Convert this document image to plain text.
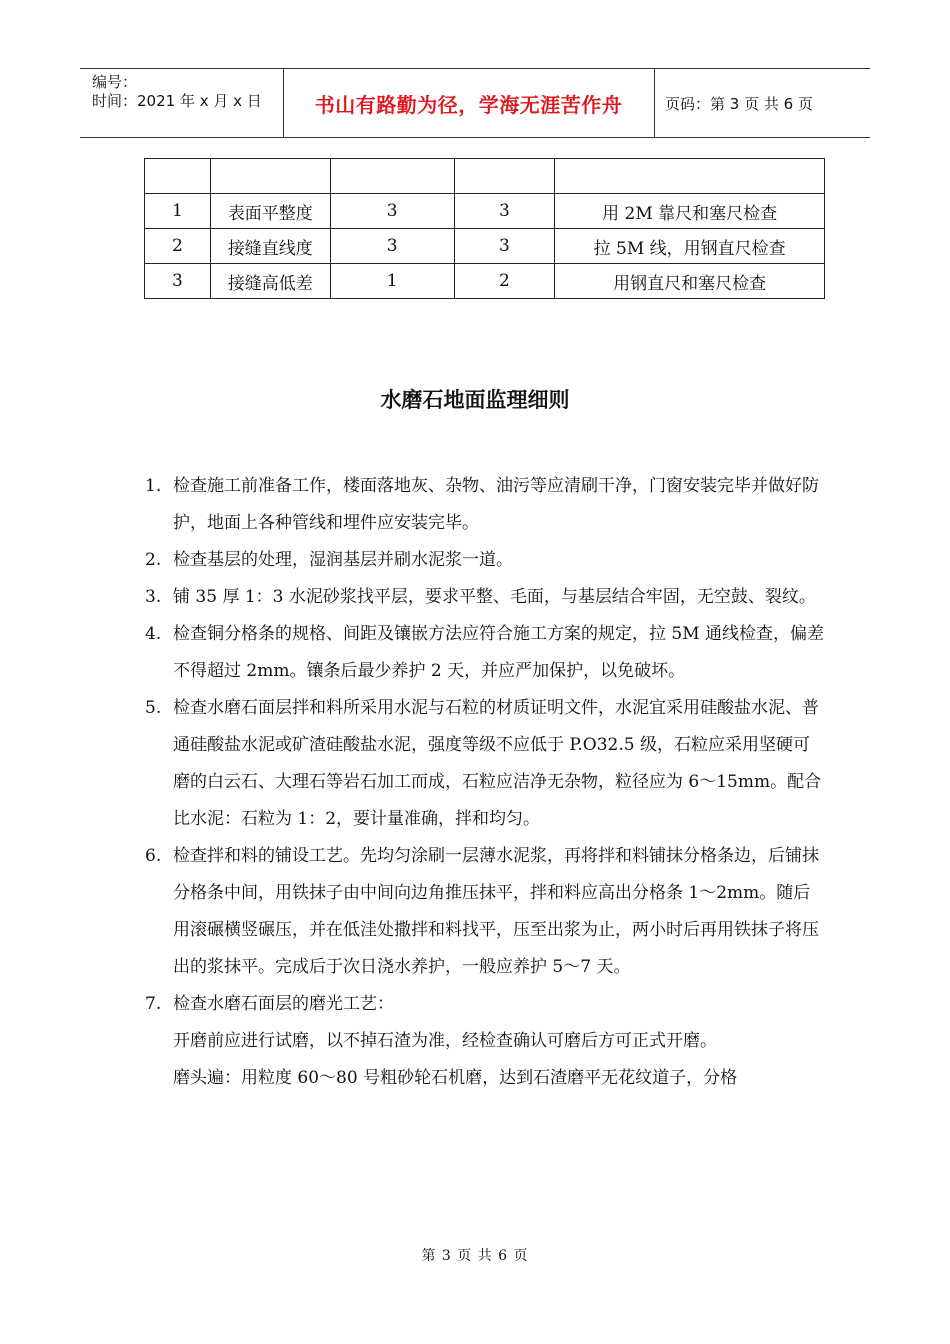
编号：
时间：2021 年 x 月 x 日	书山有路勤为径，学海无涯苦作舟	页码：第 3 页 共 6 页

1	表面平整度	3	3	用 2M 靠尺和塞尺检查
2	接缝直线度	3	3	拉 5M 线，用钢直尺检查
3	接缝高低差	1	2	用钢直尺和塞尺检查
水磨石地面监理细则
1. 检查施工前准备工作，楼面落地灰、杂物、油污等应清刷干净，门窗安装完毕并做好防护，地面上各种管线和埋件应安装完毕。
2. 检查基层的处理，湿润基层并刷水泥浆一道。
3. 铺 35 厚 1：3 水泥砂浆找平层，要求平整、毛面，与基层结合牢固，无空鼓、裂纹。
4. 检查铜分格条的规格、间距及镶嵌方法应符合施工方案的规定，拉 5M 通线检查，偏差不得超过 2mm。镶条后最少养护 2 天，并应严加保护，以免破坏。
5. 检查水磨石面层拌和料所采用水泥与石粒的材质证明文件，水泥宜采用硅酸盐水泥、普通硅酸盐水泥或矿渣硅酸盐水泥，强度等级不应低于 P.O32.5 级，石粒应采用坚硬可磨的白云石、大理石等岩石加工而成，石粒应洁净无杂物，粒径应为 6～15mm。配合比水泥：石粒为 1：2，要计量准确，拌和均匀。
6. 检查拌和料的铺设工艺。先均匀涂刷一层薄水泥浆，再将拌和料铺抹分格条边，后铺抹分格条中间，用铁抹子由中间向边角推压抹平，拌和料应高出分格条 1～2mm。随后用滚碾横竖碾压，并在低洼处撒拌和料找平，压至出浆为止，两小时后再用铁抹子将压出的浆抹平。完成后于次日浇水养护，一般应养护 5～7 天。
7. 检查水磨石面层的磨光工艺：
开磨前应进行试磨，以不掉石渣为准，经检查确认可磨后方可正式开磨。
磨头遍：用粒度 60～80 号粗砂轮石机磨，达到石渣磨平无花纹道子，分格
第 3 页 共 6 页
